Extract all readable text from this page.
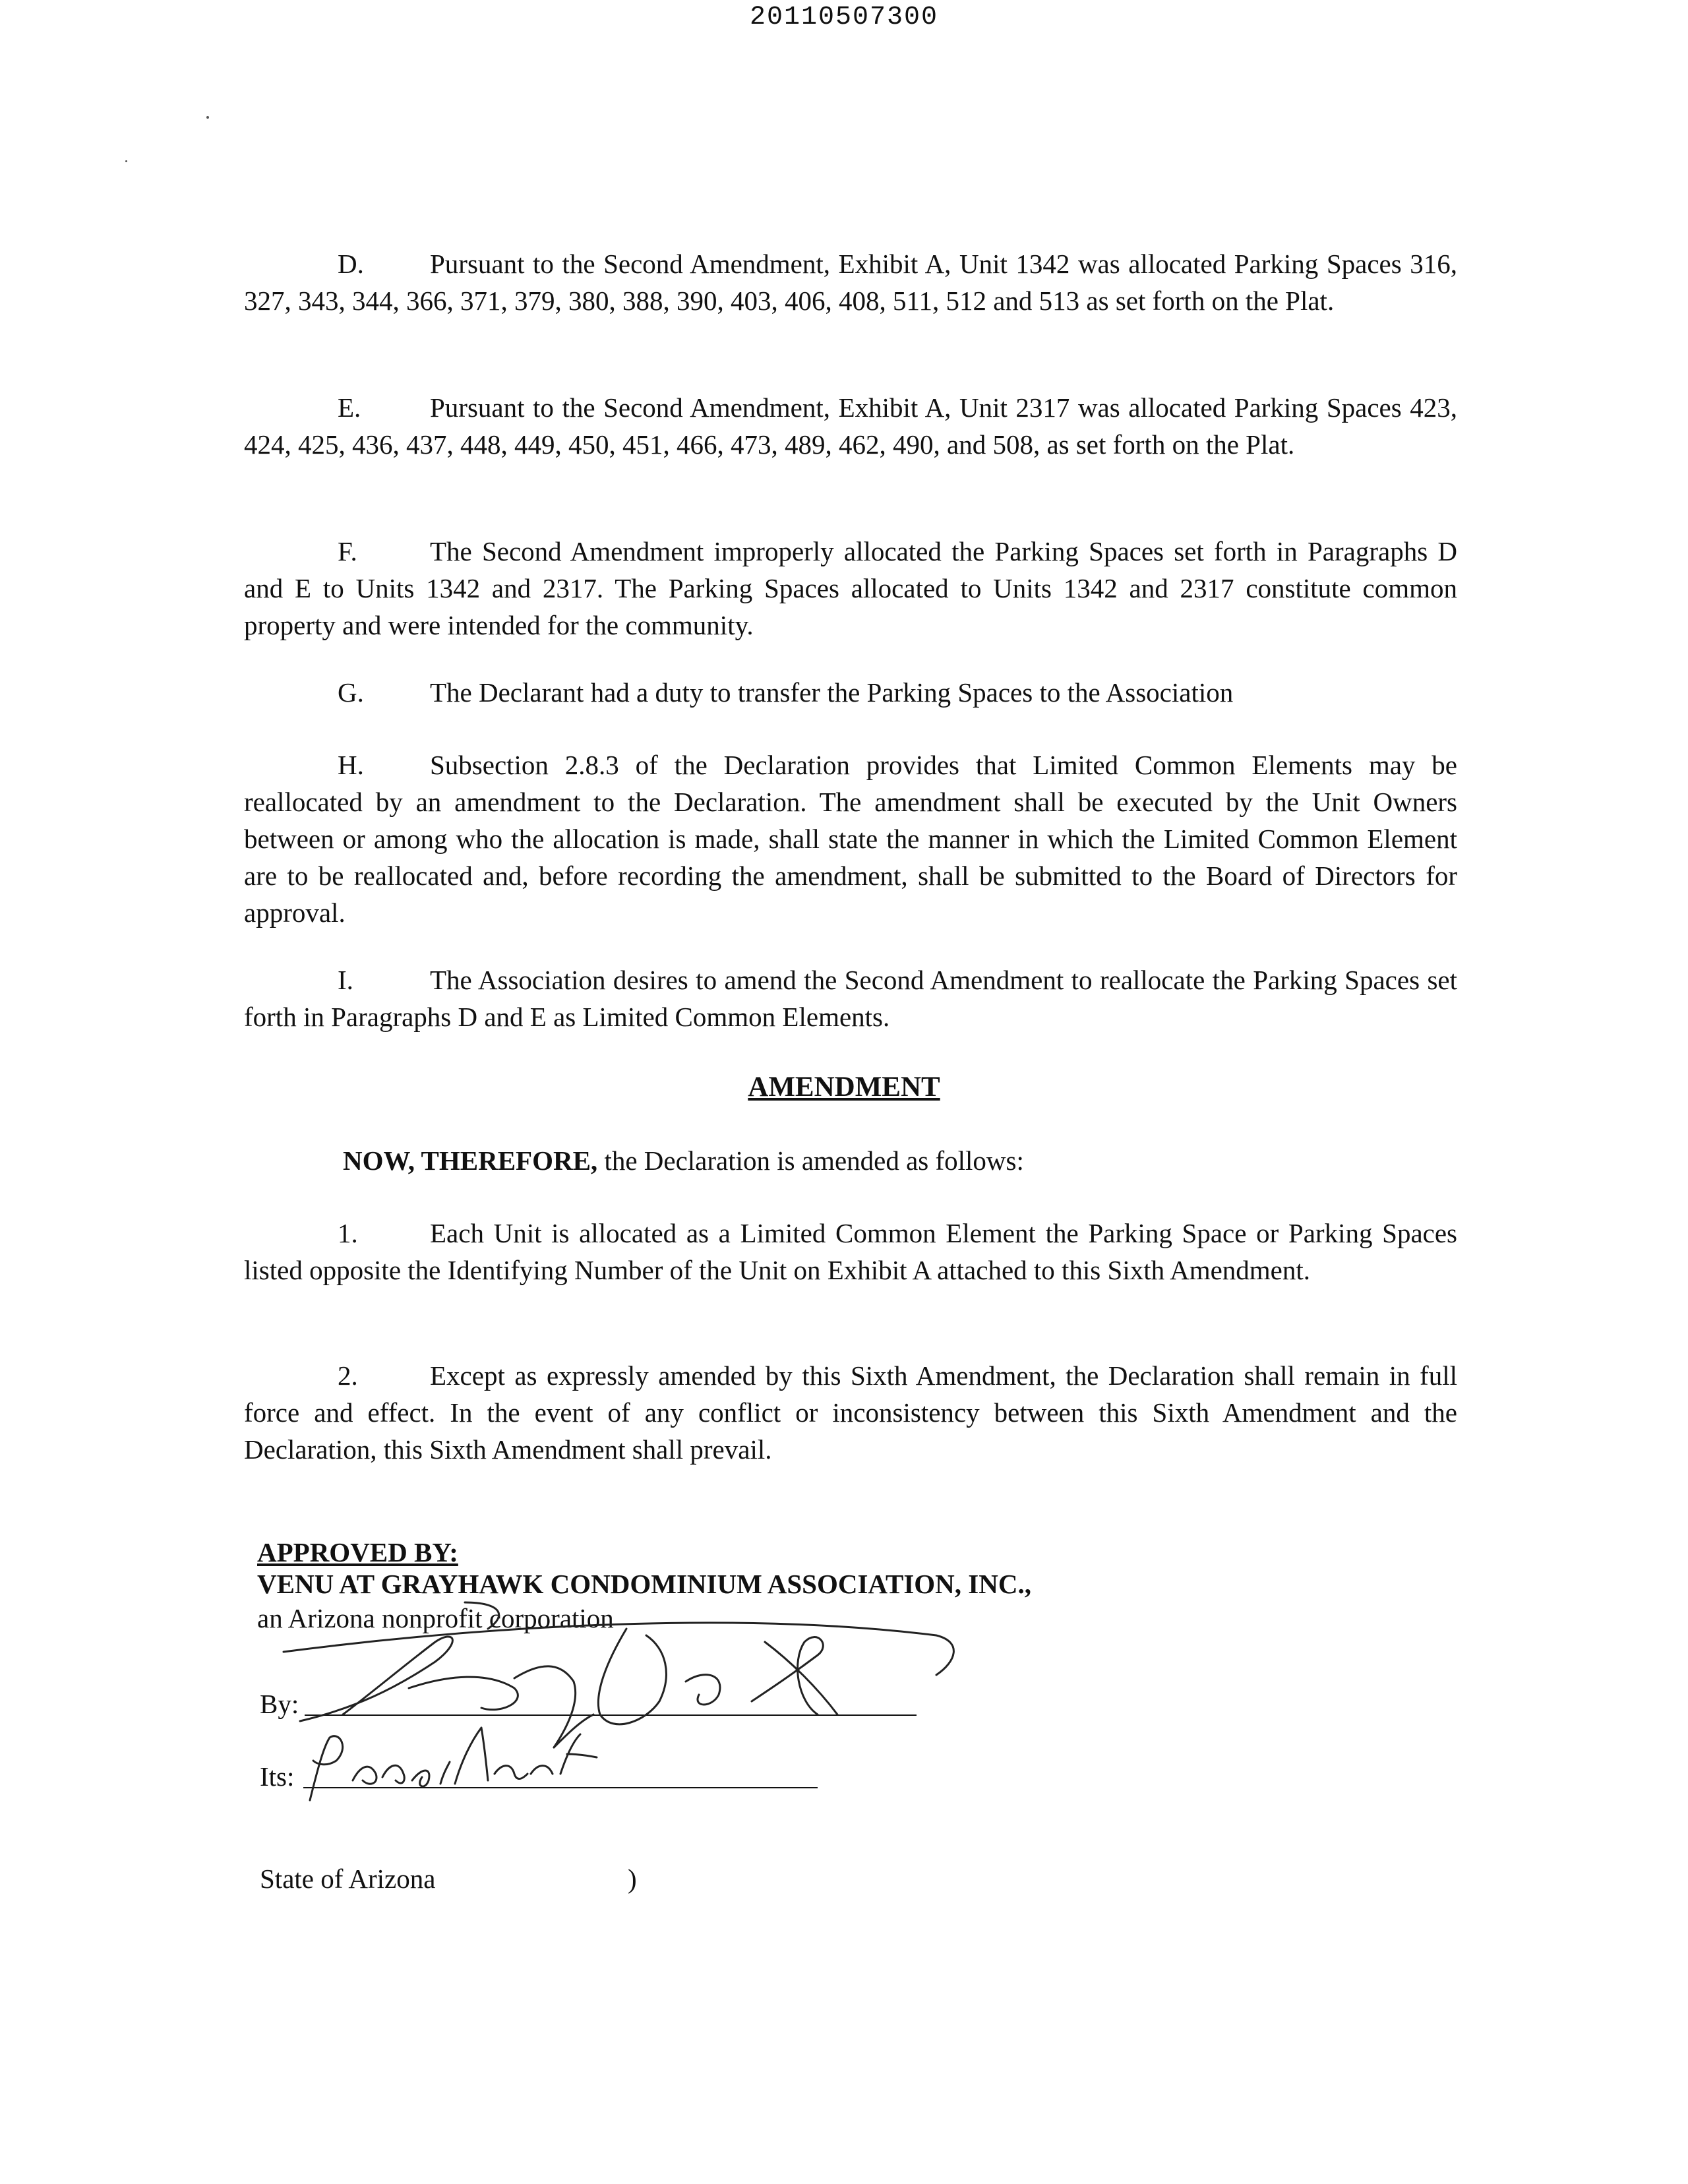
20110507300
D. Pursuant to the Second Amendment, Exhibit A, Unit 1342 was allocated Parking Spaces 316, 327, 343, 344, 366, 371, 379, 380, 388, 390, 403, 406, 408, 511, 512 and 513 as set forth on the Plat.
E.	Pursuant to the Second Amendment, Exhibit A, Unit 2317 was allocated Parking Spaces 423, 424, 425, 436, 437, 448, 449, 450, 451, 466, 473, 489, 462, 490, and 508, as set forth on the Plat.
F.	The Second Amendment improperly allocated the Parking Spaces set forth in Paragraphs D and E to Units 1342 and 2317. The Parking Spaces allocated to Units 1342 and 2317 constitute common property and were intended for the community.
G. The Declarant had a duty to transfer the Parking Spaces to the Association
H. Subsection 2.8.3 of the Declaration provides that Limited Common Elements may be reallocated by an amendment to the Declaration. The amendment shall be executed by the Unit Owners between or among who the allocation is made, shall state the manner in which the Limited Common Element are to be reallocated and, before recording the amendment, shall be submitted to the Board of Directors for approval.
I.	The Association desires to amend the Second Amendment to reallocate the Parking Spaces set forth in Paragraphs D and E as Limited Common Elements.
AMENDMENT
NOW, THEREFORE, the Declaration is amended as follows:
1.	Each Unit is allocated as a Limited Common Element the Parking Space or Parking Spaces listed opposite the Identifying Number of the Unit on Exhibit A attached to this Sixth Amendment.
2.	Except as expressly amended by this Sixth Amendment, the Declaration shall remain in full force and effect. In the event of any conflict or inconsistency between this Sixth Amendment and the Declaration, this Sixth Amendment shall prevail.
APPROVED BY:
VENU AT GRAYHAWK CONDOMINIUM ASSOCIATION, INC.,
an Arizona nonprofit corporation
By:
Its:
State of Arizona	)
